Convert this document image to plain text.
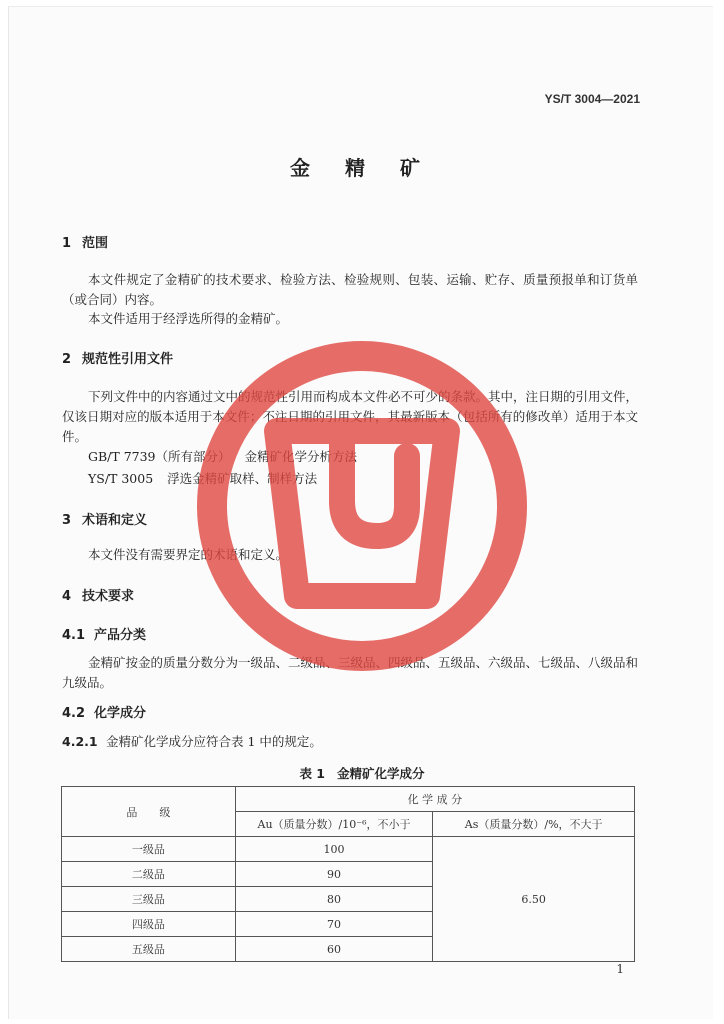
YS/T 3004—2021
金 精 矿
1 范围
本文件规定了金精矿的技术要求、检验方法、检验规则、包装、运输、贮存、质量预报单和订货单（或合同）内容。
本文件适用于经浮选所得的金精矿。
2 规范性引用文件
下列文件中的内容通过文中的规范性引用而构成本文件必不可少的条款。其中，注日期的引用文件，仅该日期对应的版本适用于本文件；不注日期的引用文件，其最新版本（包括所有的修改单）适用于本文件。
GB/T 7739（所有部分） 金精矿化学分析方法
YS/T 3005 浮选金精矿取样、制样方法
3 术语和定义
本文件没有需要界定的术语和定义。
4 技术要求
4.1 产品分类
金精矿按金的质量分数分为一级品、二级品、三级品、四级品、五级品、六级品、七级品、八级品和九级品。
4.2 化学成分
4.2.1 金精矿化学成分应符合表 1 中的规定。
表 1 金精矿化学成分
品　　级	化 学 成 分	
	Au（质量分数）/10⁻⁶，不小于	As（质量分数）/%，不大于
一级品	100	6.50
二级品	90	
三级品	80	
四级品	70	
五级品	60	
1
